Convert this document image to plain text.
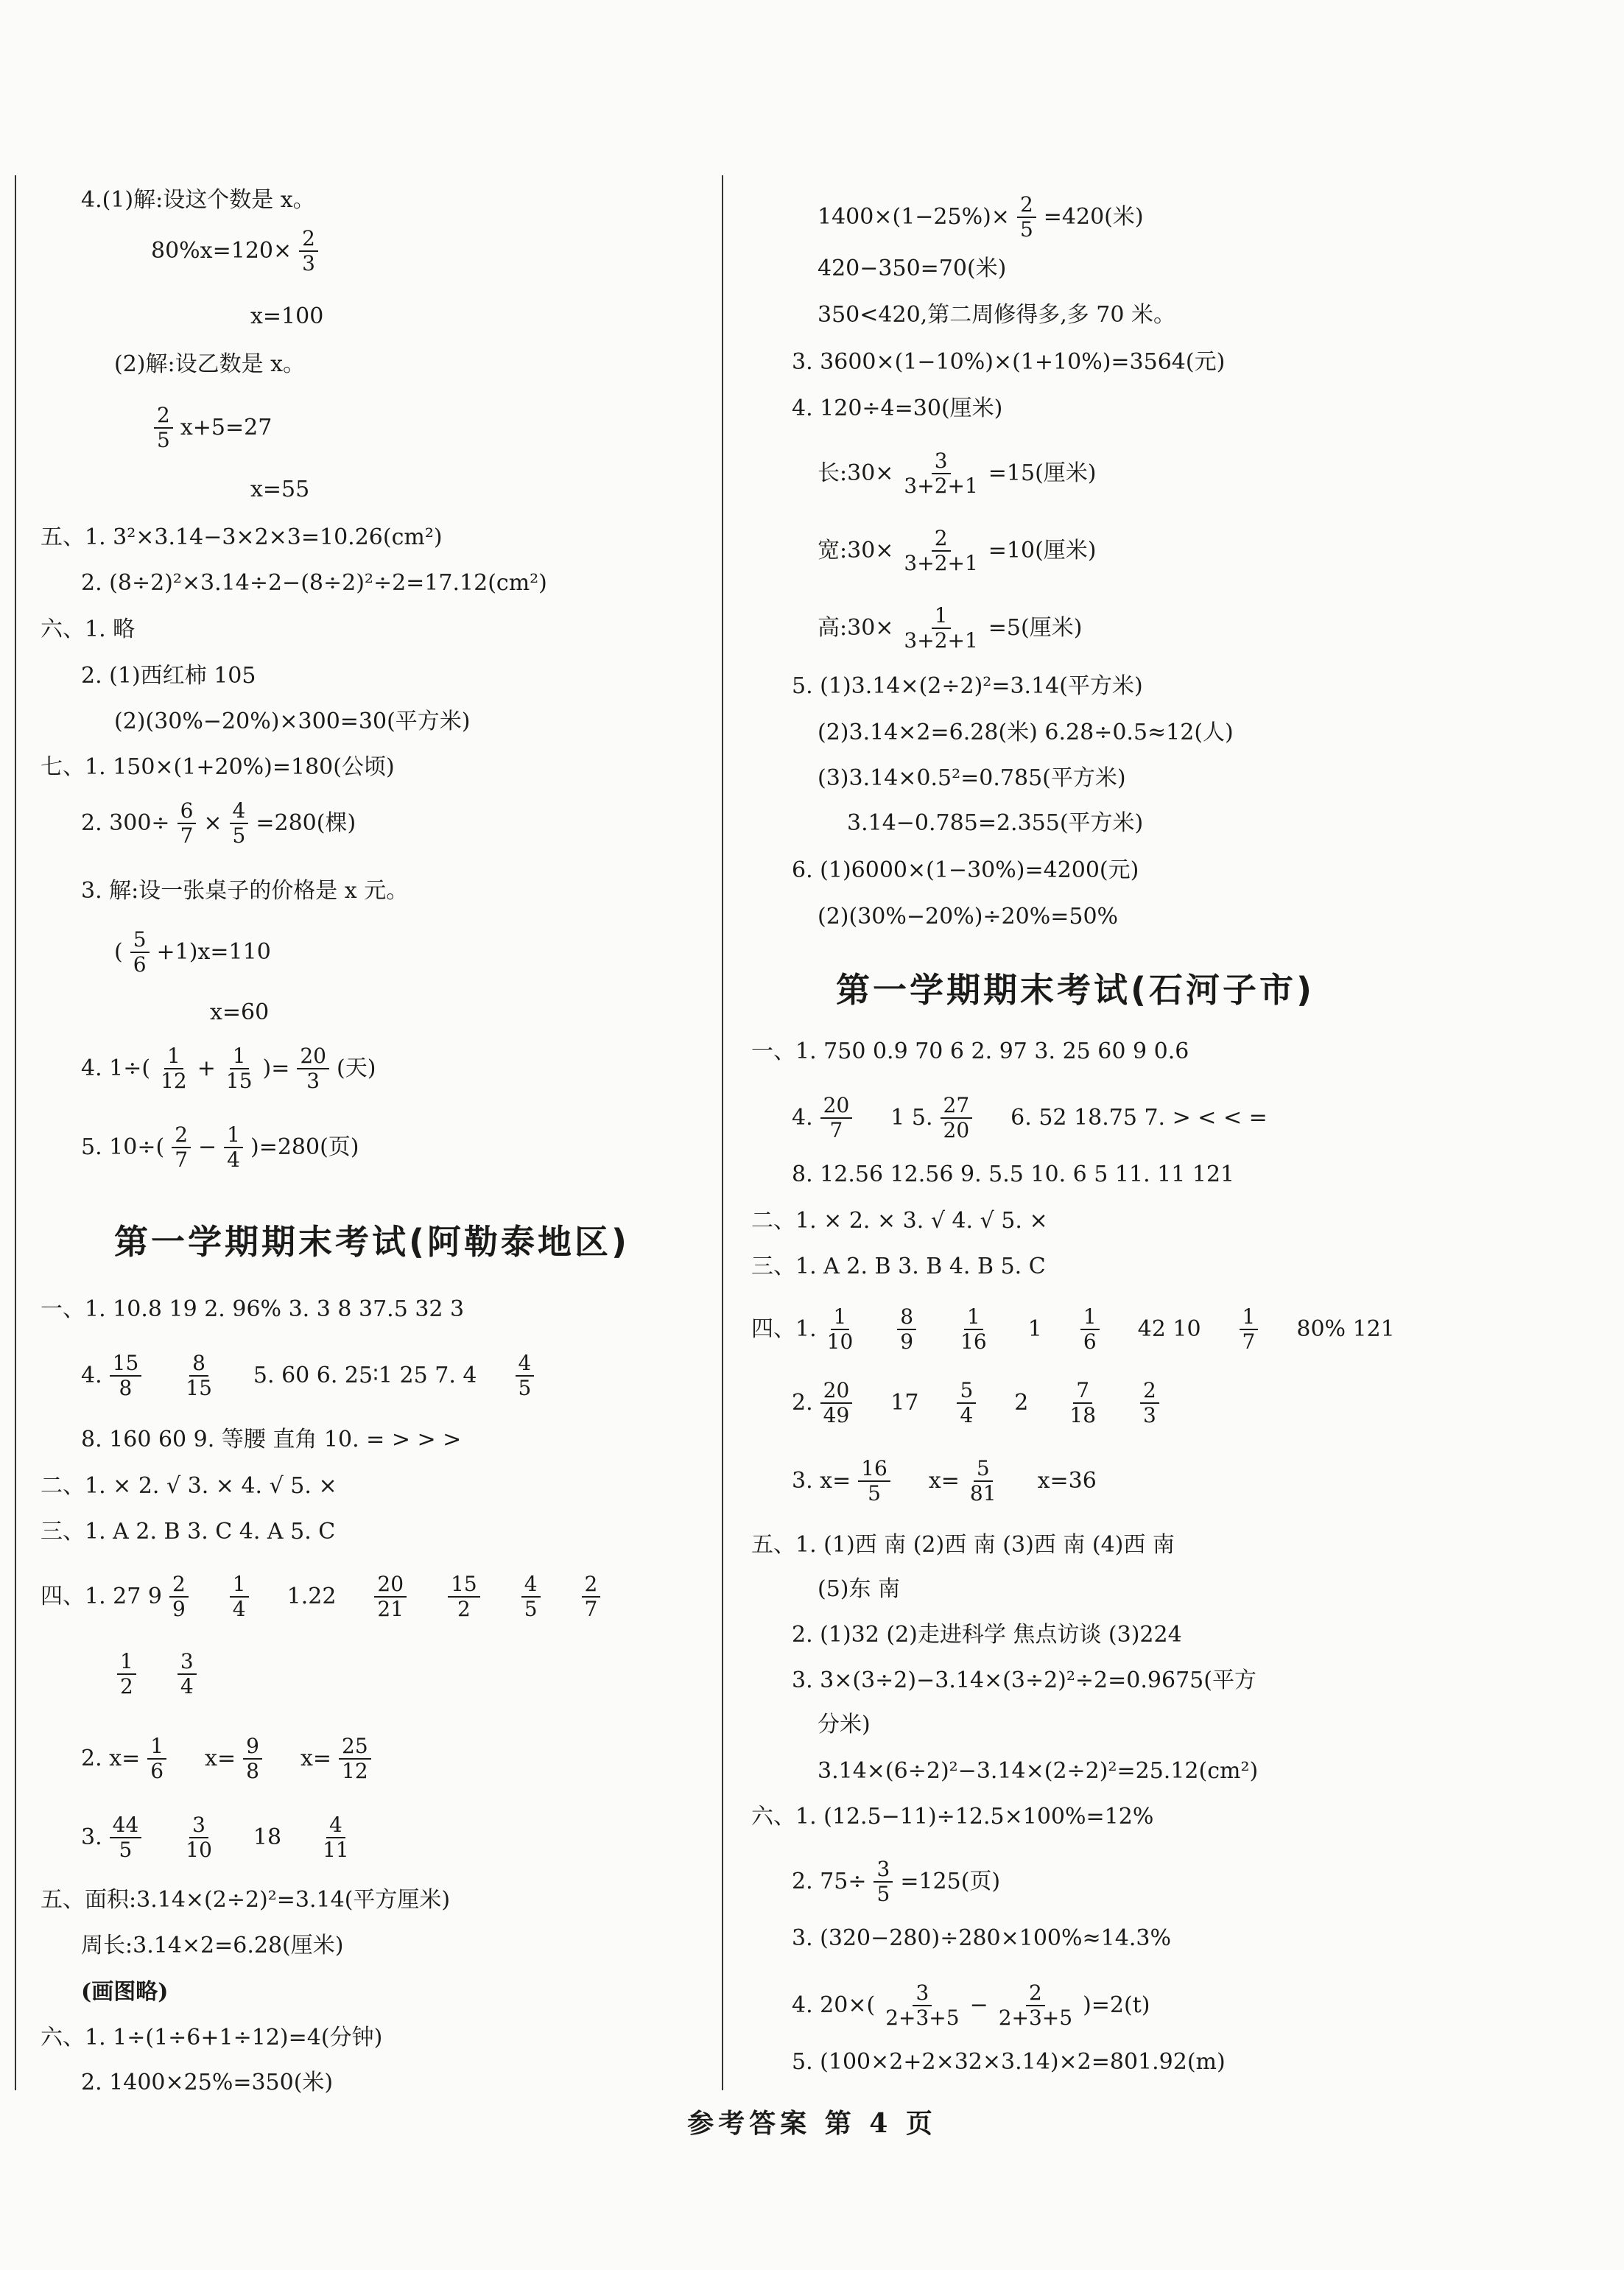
4.(1)解:设这个数是 x。
$80\%x=120\times \frac{2}{3}$
x=100
(2)解:设乙数是 x。
$\frac{2}{5} x+5=27$
x=55
五、1. 3²×3.14−3×2×3=10.26(cm²)
2. (8÷2)²×3.14÷2−(8÷2)²÷2=17.12(cm²)
六、1. 略
2. (1)西红柿 105
(2)(30%−20%)×300=30(平方米)
七、1. 150×(1+20%)=180(公顷)
2. $300\div \frac{6}{7} \times \frac{4}{5} =280$(棵)
3. 解:设一张桌子的价格是 x 元。
( $\frac{5}{6} +1)x=110$
x=60
4. $1\div( \frac{1}{12} + \frac{1}{15}$ )= $\frac{20}{3}$ (天)
5. $10\div( \frac{2}{7} - \frac{1}{4} )=280$(页)
第一学期期末考试(阿勒泰地区)
一、1. 10.8 19 2. 96% 3. 3 8 37.5 32 3
4. $\frac{15}{8} \frac{8}{15} 5$. 60 6. 25∶1 25 7. $4 \frac{4}{5}$
8. 160 60 9. 等腰 直角 10. = > > >
二、1. × 2. √ 3. × 4. √ 5. ×
三、1. A 2. B 3. C 4. A 5. C
四、1. 27 $9 \frac{2}{9} \frac{1}{4} 1.22 \frac{20}{21} \frac{15}{2} \frac{4}{5} \frac{2}{7}$
$\frac{1}{2} \frac{3}{4}$
2. $x= \frac{1}{6} x= \frac{9}{8} x= \frac{25}{12}$
3. $\frac{44}{5} \frac{3}{10} 18 \frac{4}{11}$
五、面积:3.14×(2÷2)²=3.14(平方厘米)
周长:3.14×2=6.28(厘米)
(画图略)
六、1. 1÷(1÷6+1÷12)=4(分钟)
2. 1400×25%=350(米)
$1400\times(1-25\%)\times \frac{2}{5} =420$(米)
420−350=70(米)
350<420,第二周修得多,多 70 米。
3. 3600×(1−10%)×(1+10%)=3564(元)
4. 120÷4=30(厘米)
长:30× $\frac{3}{3+2+1} =15$(厘米)
宽:30× $\frac{2}{3+2+1} =10$(厘米)
高:30× $\frac{1}{3+2+1} =5$(厘米)
5. (1)3.14×(2÷2)²=3.14(平方米)
(2)3.14×2=6.28(米) 6.28÷0.5≈12(人)
(3)3.14×0.5²=0.785(平方米)
3.14−0.785=2.355(平方米)
6. (1)6000×(1−30%)=4200(元)
(2)(30%−20%)÷20%=50%
第一学期期末考试(石河子市)
一、1. 750 0.9 70 6 2. 97 3. 25 60 9 0.6
4. $\frac{20}{7} 1$ 5. $\frac{27}{20} 6$. 52 18.75 7. > < < =
8. 12.56 12.56 9. 5.5 10. 6 5 11. 11 121
二、1. × 2. × 3. √ 4. √ 5. ×
三、1. A 2. B 3. B 4. B 5. C
四、1. $\frac{1}{10} \frac{8}{9} \frac{1}{16} 1 \frac{1}{6} 42$ $10 \frac{1}{7} 80\%$ 121
2. $\frac{20}{49} 17 \frac{5}{4} 2 \frac{7}{18} \frac{2}{3}$
3. $x= \frac{16}{5} x= \frac{5}{81} x=36$
五、1. (1)西 南 (2)西 南 (3)西 南 (4)西 南
(5)东 南
2. (1)32 (2)走进科学 焦点访谈 (3)224
3. 3×(3÷2)−3.14×(3÷2)²÷2=0.9675(平方
分米)
3.14×(6÷2)²−3.14×(2÷2)²=25.12(cm²)
六、1. (12.5−11)÷12.5×100%=12%
2. $75\div \frac{3}{5} =125$(页)
3. (320−280)÷280×100%≈14.3%
4. $20\times( \frac{3}{2+3+5} - \frac{2}{2+3+5} )=2(t)$
5. (100×2+2×32×3.14)×2=801.92(m)
参考答案 第 4 页
